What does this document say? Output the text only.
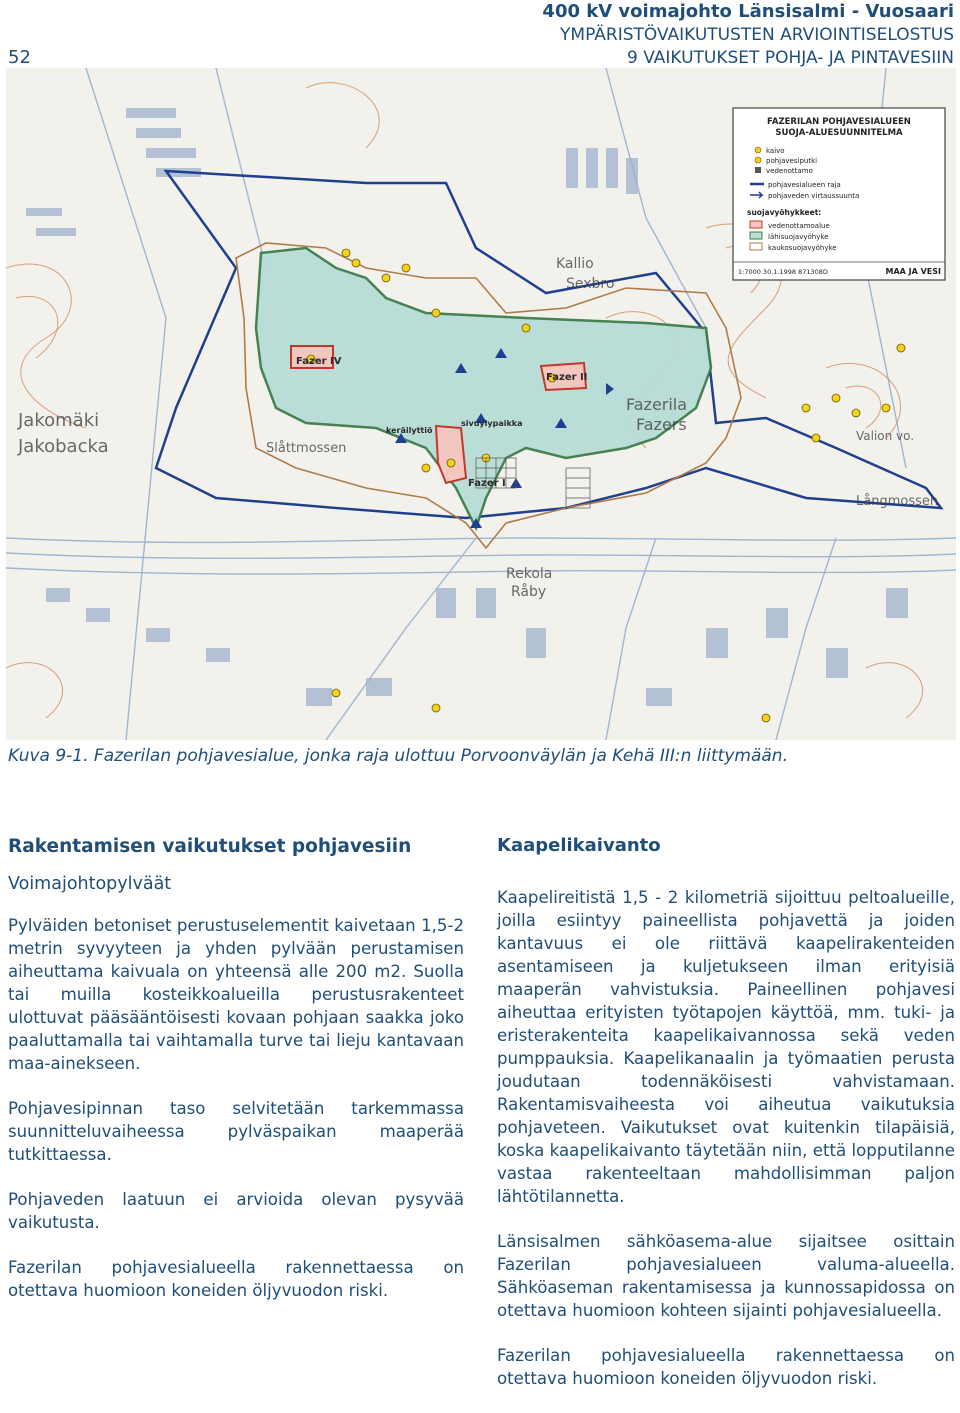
52
400 kV voimajohto Länsisalmi - Vuosaari
YMPÄRISTÖVAIKUTUSTEN ARVIOINTISELOSTUS
9 VAIKUTUKSET POHJA- JA PINTAVESIIN
Fazer IV
Fazer II
Fazer I
keräilyttiö
sivuylypaikka
Fazerila
Fazers
Jakomäki
Jakobacka	Slåttmossen
Kallio
Sexbro
Valion vo.
Långmossen
Rekola
Råby
FAZERILAN POHJAVESIALUEEN
SUOJA-ALUESUUNNITELMA
kaivo
pohjavesiputki
vedenottamo
pohjavesialueen raja
pohjaveden virtaussuunta
suojavyöhykkeet:
vedenottamoalue
lähisuojavyöhyke
kaukosuojavyöhyke
1:7000 30.1.1998 871308D	MAA JA VESI
Kuva 9-1. Fazerilan pohjavesialue, jonka raja ulottuu Porvoonväylän ja Kehä III:n liittymään.
Rakentamisen vaikutukset pohjavesiin
Voimajohtopylväät

Pylväiden betoniset perustuselementit kaivetaan 1,5-2 metrin syvyyteen ja yhden pylvään perustamisen aiheuttama kaivuala on yhteensä alle 200 m2. Suolla tai muilla kosteikkoalueilla perustusrakenteet ulottuvat pääsääntöisesti kovaan pohjaan saakka joko paaluttamalla tai vaihtamalla turve tai lieju kantavaan maa-ainekseen.

Pohjavesipinnan taso selvitetään tarkemmassa suunnitteluvaiheessa pylväspaikan maaperää tutkittaessa.

Pohjaveden laatuun ei arvioida olevan pysyvää vaikutusta.

Fazerilan pohjavesialueella rakennettaessa on otettava huomioon koneiden öljyvuodon riski.

Kaapelikaivanto

Kaapelireitistä 1,5 - 2 kilometriä sijoittuu peltoalueille, joilla esiintyy paineellista pohjavettä ja joiden kantavuus ei ole riittävä kaapelirakenteiden asentamiseen ja kuljetukseen ilman erityisiä maaperän vahvistuksia. Paineellinen pohjavesi aiheuttaa erityisten työtapojen käyttöä, mm. tuki- ja eristerakenteita kaapelikaivannossa sekä veden pumppauksia. Kaapelikanaalin ja työmaatien perusta joudutaan todennäköisesti vahvistamaan. Rakentamisvaiheesta voi aiheutua vaikutuksia pohjaveteen. Vaikutukset ovat kuitenkin tilapäisiä, koska kaapelikaivanto täytetään niin, että lopputilanne vastaa rakenteeltaan mahdollisimman paljon lähtötilannetta.

Länsisalmen sähköasema-alue sijaitsee osittain Fazerilan pohjavesialueen valuma-alueella. Sähköaseman rakentamisessa ja kunnossapidossa on otettava huomioon kohteen sijainti pohjavesialueella.

Fazerilan pohjavesialueella rakennettaessa on otettava huomioon koneiden öljyvuodon riski.
